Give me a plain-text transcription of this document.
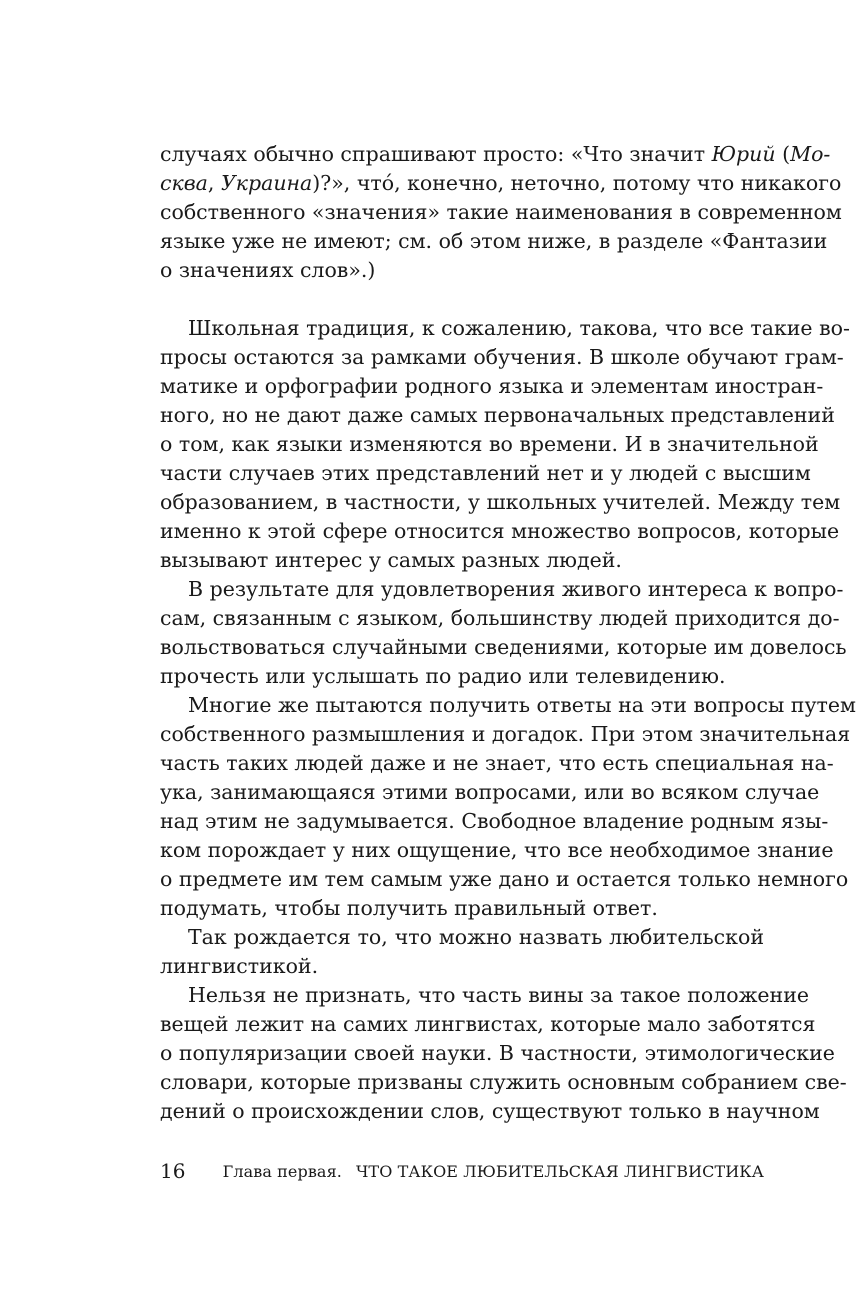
случаях обычно спрашивают просто: «Что значит Юрий (Мо-
сква, Украина)?», чтó, конечно, неточно, потому что никакого
собственного «значения» такие наименования в современном
языке уже не имеют; см. об этом ниже, в разделе «Фантазии
о значениях слов».)
Школьная традиция, к сожалению, такова, что все такие во-
просы остаются за рамками обучения. В школе обучают грам-
матике и орфографии родного языка и элементам иностран-
ного, но не дают даже самых первоначальных представлений
о том, как языки изменяются во времени. И в значительной
части случаев этих представлений нет и у людей с высшим
образованием, в частности, у школьных учителей. Между тем
именно к этой сфере относится множество вопросов, которые
вызывают интерес у самых разных людей.
В результате для удовлетворения живого интереса к вопро-
сам, связанным с языком, большинству людей приходится до-
вольствоваться случайными сведениями, которые им довелось
прочесть или услышать по радио или телевидению.
Многие же пытаются получить ответы на эти вопросы путем
собственного размышления и догадок. При этом значительная
часть таких людей даже и не знает, что есть специальная на-
ука, занимающаяся этими вопросами, или во всяком случае
над этим не задумывается. Свободное владение родным язы-
ком порождает у них ощущение, что все необходимое знание
о предмете им тем самым уже дано и остается только немного
подумать, чтобы получить правильный ответ.
Так рождается то, что можно назвать любительской
лингвистикой.
Нельзя не признать, что часть вины за такое положение
вещей лежит на самих лингвистах, которые мало заботятся
о популяризации своей науки. В частности, этимологические
словари, которые призваны служить основным собранием све-
дений о происхождении слов, существуют только в научном
16 Глава первая. ЧТО ТАКОЕ ЛЮБИТЕЛЬСКАЯ ЛИНГВИСТИКА
